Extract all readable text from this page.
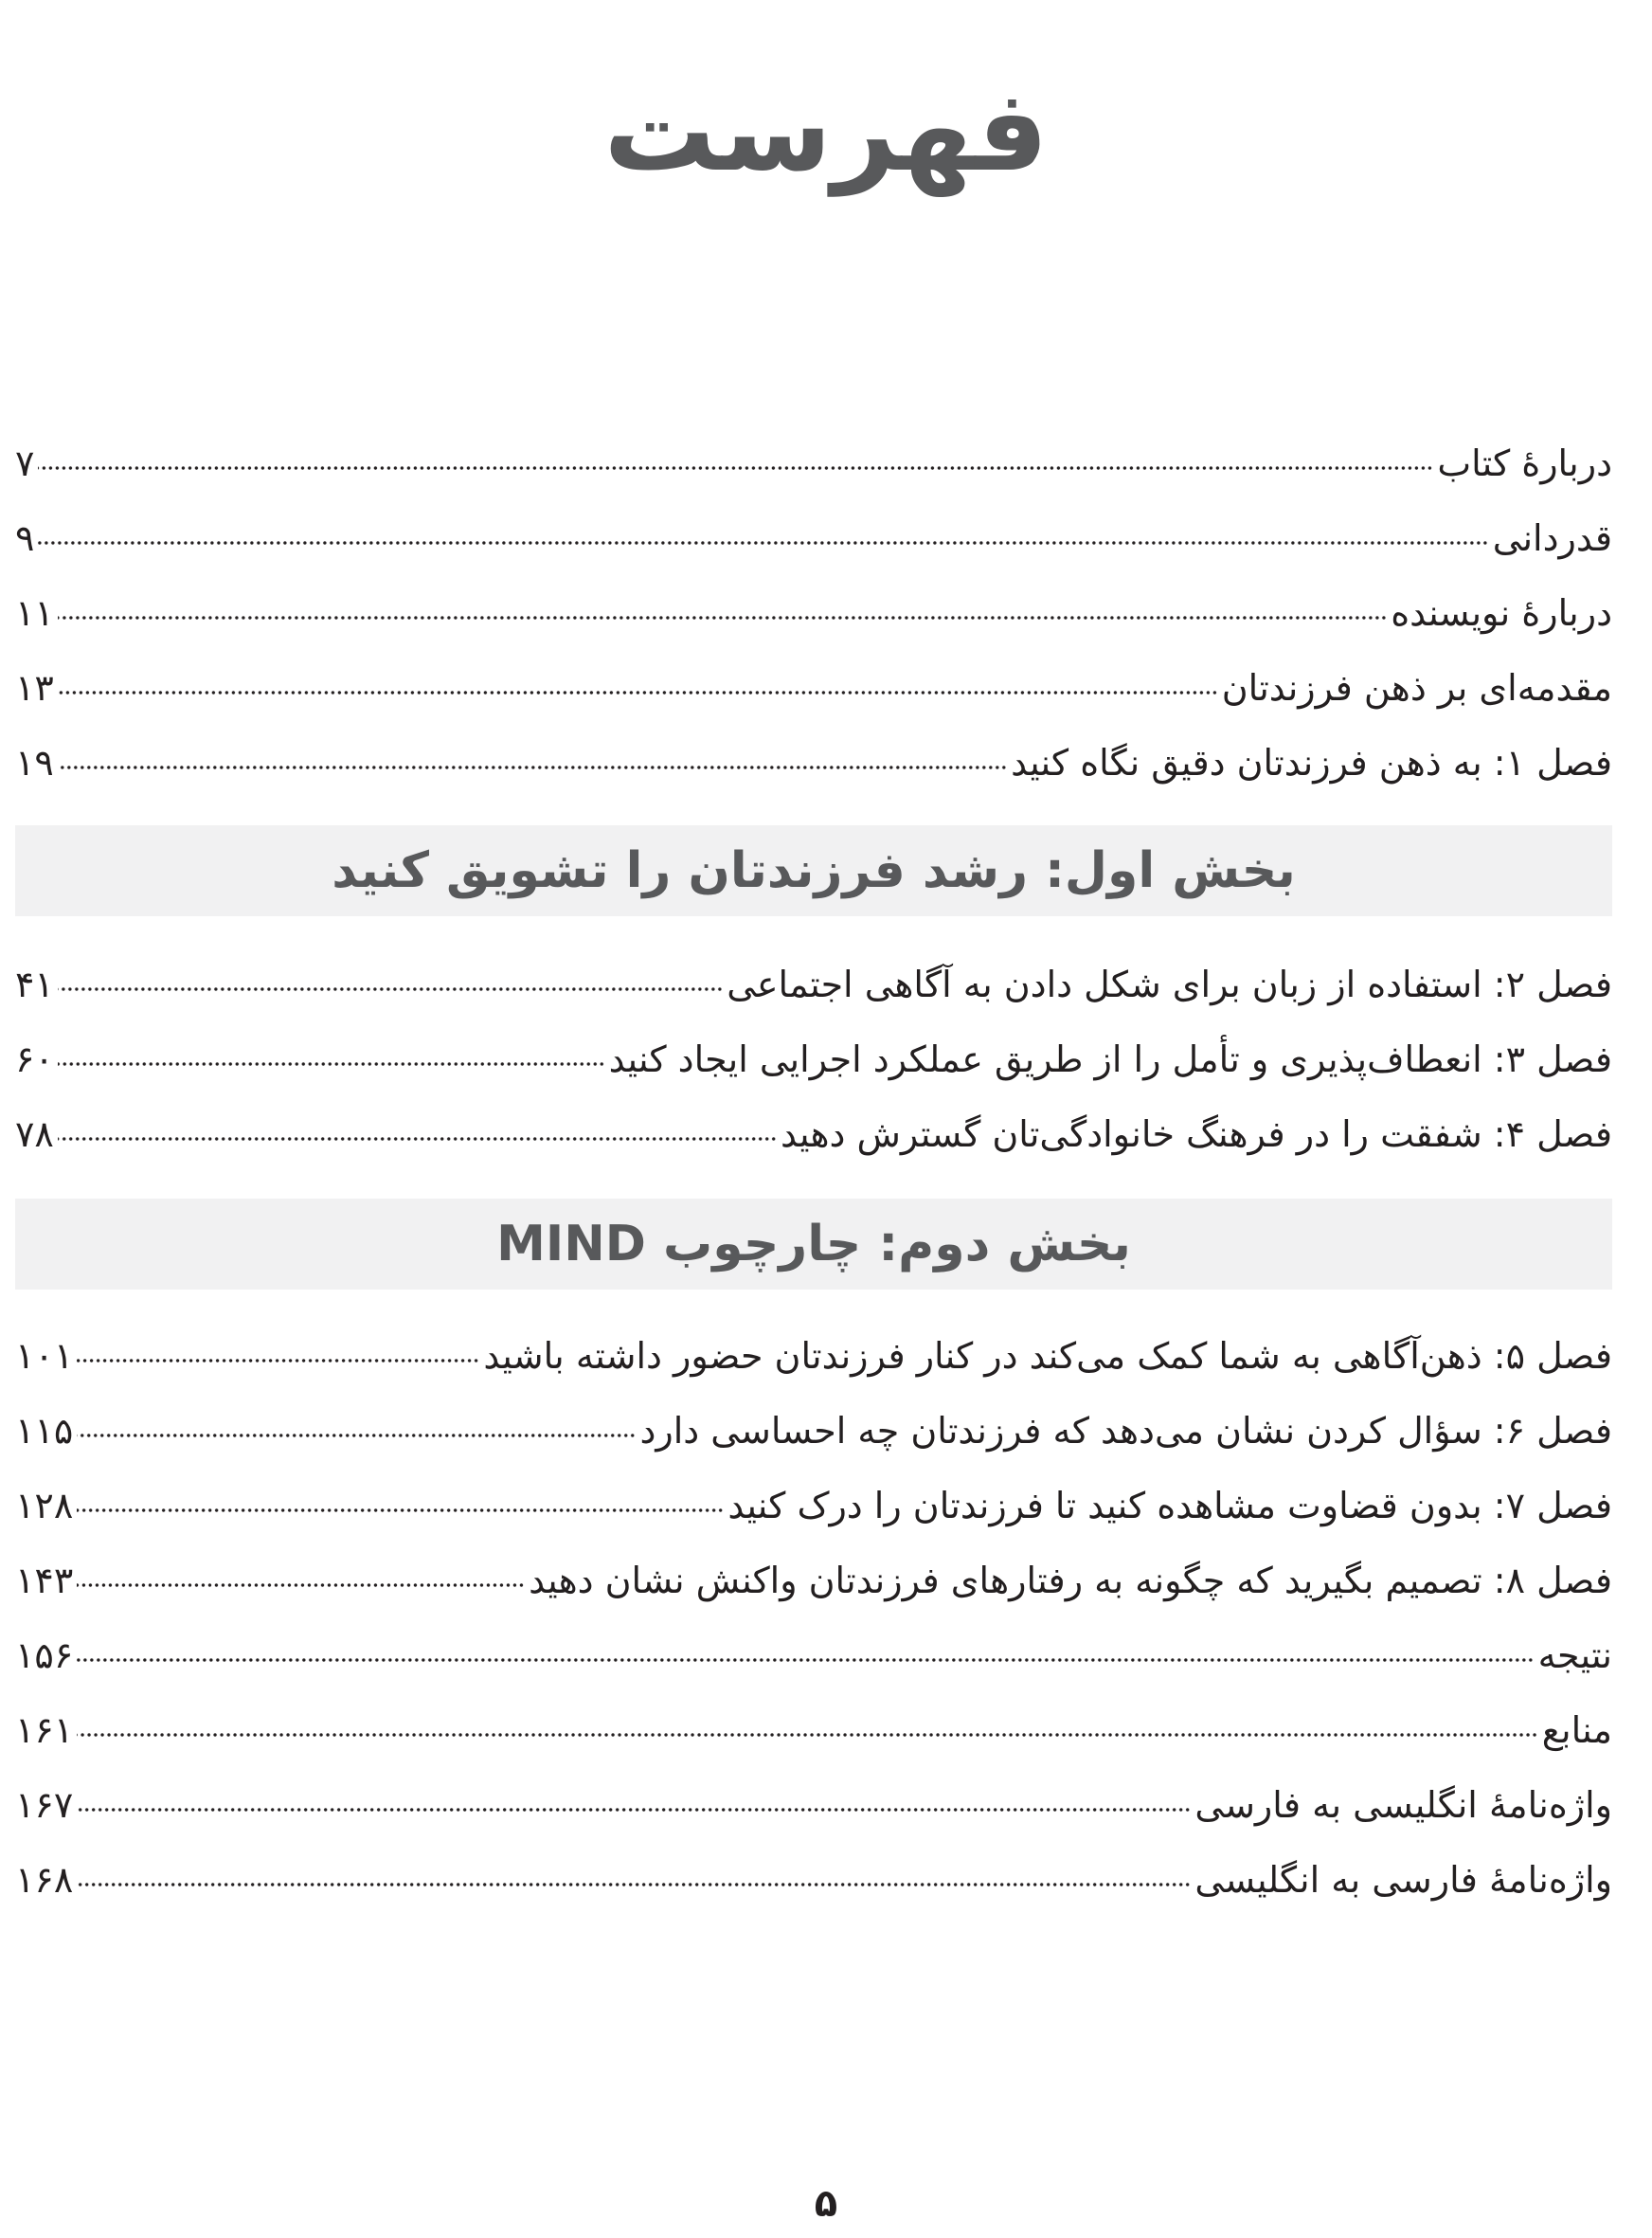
فهرست
دربارهٔ کتاب
۷
قدردانی
۹
دربارهٔ نویسنده
۱۱
مقدمه‌ای بر ذهن فرزندتان
۱۳
فصل ۱: به ذهن فرزندتان دقیق نگاه کنید
۱۹
بخش اول: رشد فرزندتان را تشویق کنید
فصل ۲: استفاده از زبان برای شکل دادن به آگاهی اجتماعی
۴۱
فصل ۳: انعطاف‌پذیری و تأمل را از طریق عملکرد اجرایی ایجاد کنید
۶۰
فصل ۴: شفقت را در فرهنگ خانوادگی‌تان گسترش دهید
۷۸
بخش دوم: چارچوب MIND
فصل ۵: ذهن‌آگاهی به شما کمک می‌کند در کنار فرزندتان حضور داشته باشید
۱۰۱
فصل ۶: سؤال کردن نشان می‌دهد که فرزندتان چه احساسی دارد
۱۱۵
فصل ۷: بدون قضاوت مشاهده کنید تا فرزندتان را درک کنید
۱۲۸
فصل ۸: تصمیم بگیرید که چگونه به رفتارهای فرزندتان واکنش نشان دهید
۱۴۳
نتیجه
۱۵۶
منابع
۱۶۱
واژه‌نامهٔ انگلیسی به فارسی
۱۶۷
واژه‌نامهٔ فارسی به انگلیسی
۱۶۸
۵
